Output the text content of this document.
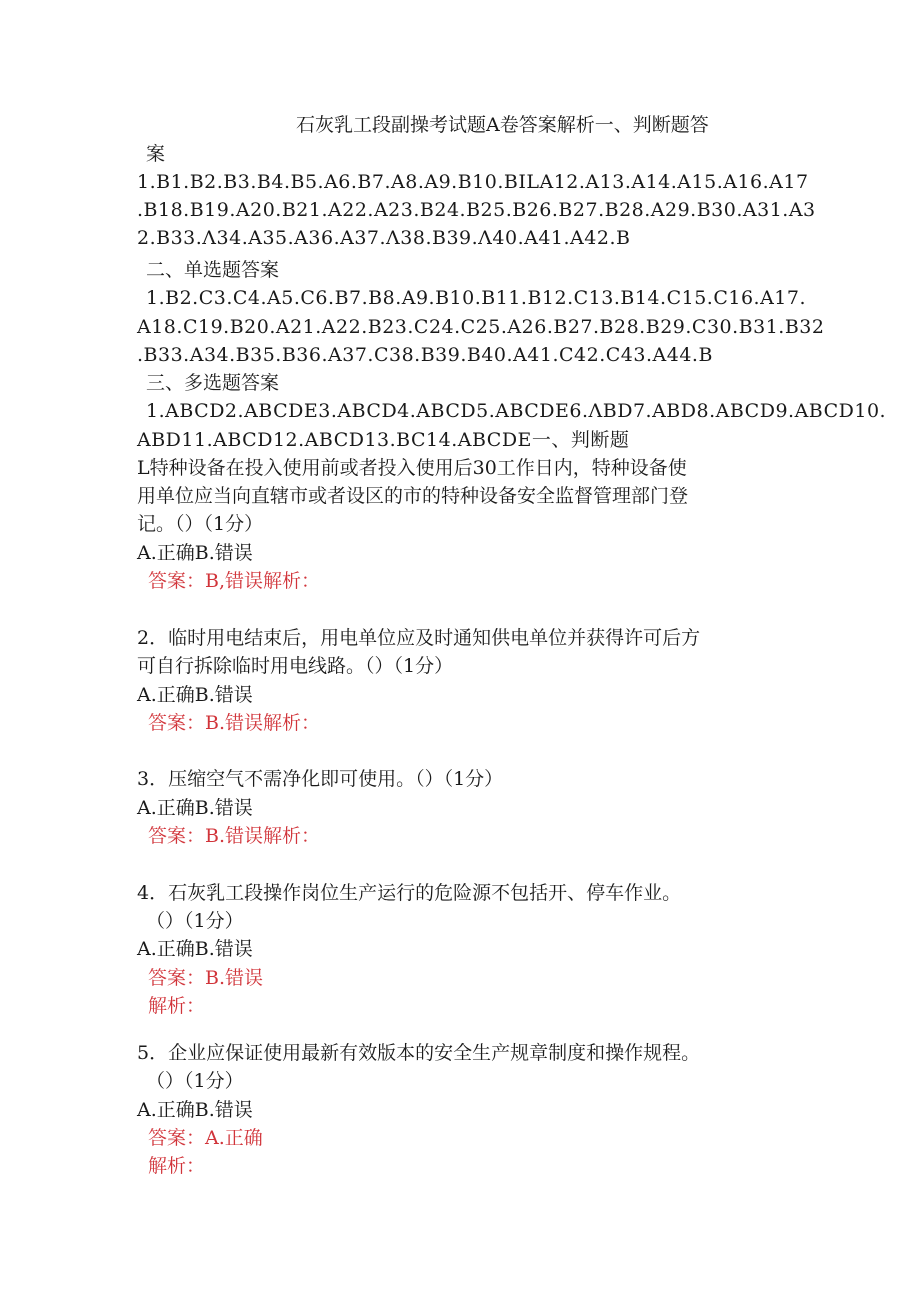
石灰乳工段副操考试题A卷答案解析一、判断题答
案
1.B1.B2.B3.B4.B5.A6.B7.A8.A9.B10.BILA12.A13.A14.A15.A16.A17
.B18.B19.A20.B21.A22.A23.B24.B25.B26.B27.B28.A29.B30.A31.A3
2.B33.Λ34.A35.A36.A37.Λ38.B39.Λ40.A41.A42.B
二、单选题答案
1.B2.C3.C4.A5.C6.B7.B8.A9.B10.B11.B12.C13.B14.C15.C16.A17.
A18.C19.B20.A21.A22.B23.C24.C25.A26.B27.B28.B29.C30.B31.B32
.B33.A34.B35.B36.A37.C38.B39.B40.A41.C42.C43.A44.B
三、多选题答案
1.ABCD2.ABCDE3.ABCD4.ABCD5.ABCDE6.ΛBD7.ABD8.ABCD9.ABCD10.
ABD11.ABCD12.ABCD13.BC14.ABCDE一、判断题
L特种设备在投入使用前或者投入使用后30工作日内，特种设备使
用单位应当向直辖市或者设区的市的特种设备安全监督管理部门登
记。（）（1分）
A.正确B.错误
答案：B,错误解析：
2．临时用电结束后，用电单位应及时通知供电单位并获得许可后方
可自行拆除临时用电线路。（）（1分）
A.正确B.错误
答案：B.错误解析：
3．压缩空气不需净化即可使用。（）（1分）
A.正确B.错误
答案：B.错误解析：
4．石灰乳工段操作岗位生产运行的危险源不包括开、停车作业。
（）（1分）
A.正确B.错误
答案：B.错误
解析：
5．企业应保证使用最新有效版本的安全生产规章制度和操作规程。
（）（1分）
A.正确B.错误
答案：A.正确
解析：
